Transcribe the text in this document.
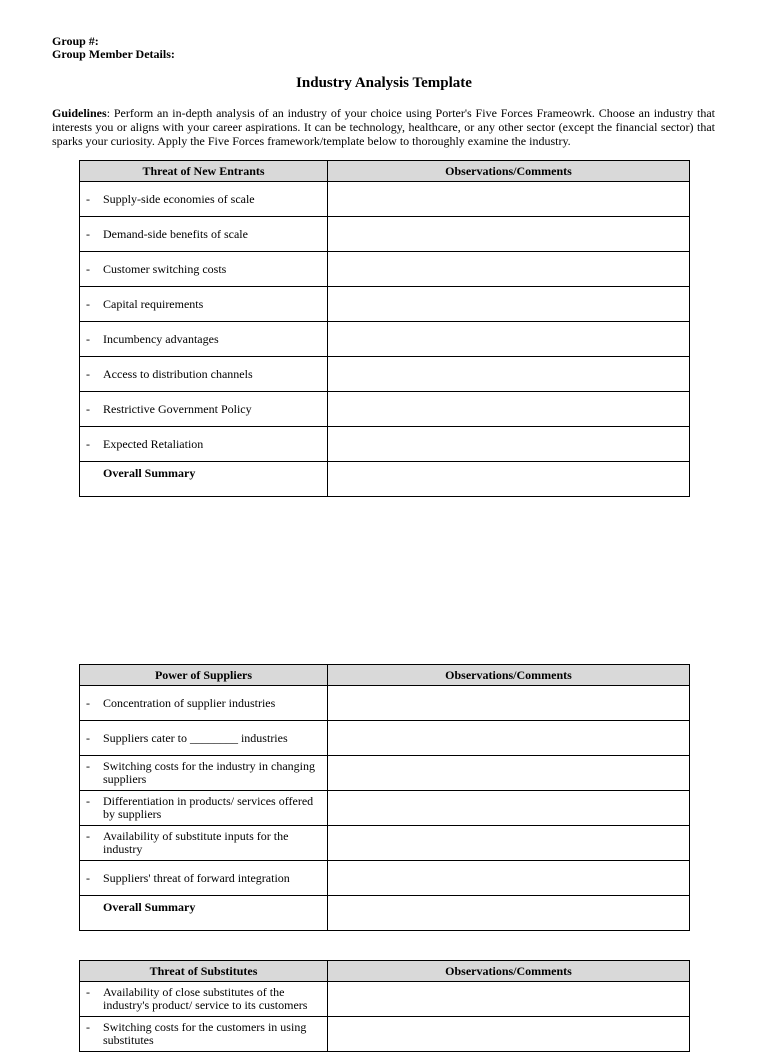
Group #:
Group Member Details:
Industry Analysis Template

Guidelines: Perform an in-depth analysis of an industry of your choice using Porter's Five Forces Frameowrk. Choose an industry that interests you or aligns with your career aspirations. It can be technology, healthcare, or any other sector (except the financial sector) that sparks your curiosity. Apply the Five Forces framework/template below to thoroughly examine the industry.

Threat of New Entrants	Observations/Comments

- Supply-side economies of scale	

- Demand-side benefits of scale	

- Customer switching costs	

- Capital requirements	

- Incumbency advantages	

- Access to distribution channels	

- Restrictive Government Policy	

- Expected Retaliation	

Overall Summary	

Power of Suppliers	Observations/Comments

- Concentration of supplier industries	

- Suppliers cater to ________ industries	

- Switching costs for the industry in changing suppliers	

- Differentiation in products/ services offered by suppliers	

- Availability of substitute inputs for the industry	

- Suppliers' threat of forward integration	

Overall Summary	

Threat of Substitutes	Observations/Comments

- Availability of close substitutes of the industry's product/ service to its customers	

- Switching costs for the customers in using substitutes	
